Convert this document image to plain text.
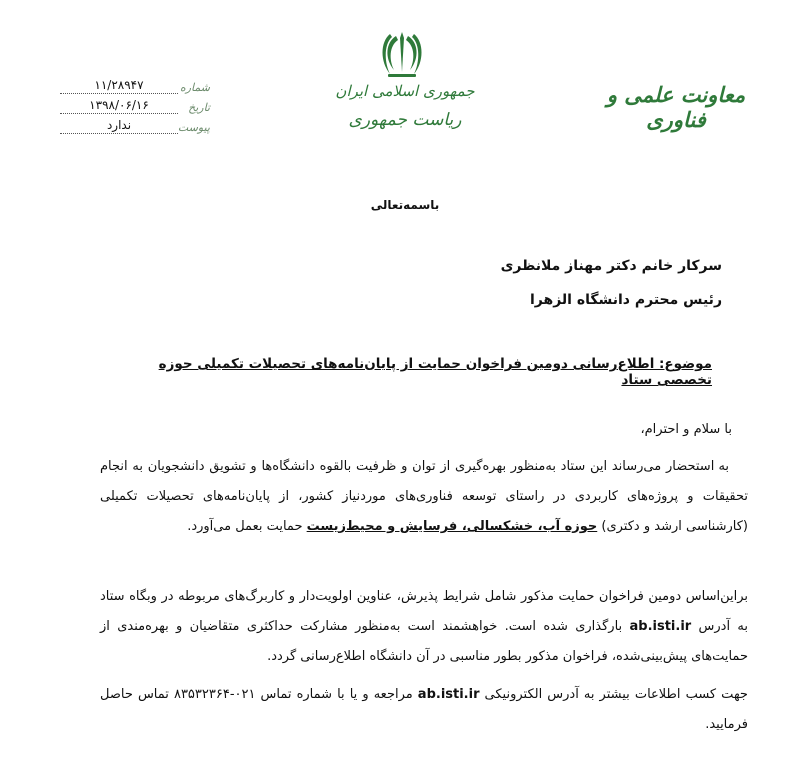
شماره
۱۱/۲۸۹۴۷
تاریخ
۱۳۹۸/۰۶/۱۶
پیوست
ندارد
جمهوری اسلامی ایران
ریاست جمهوری
معاونت علمی و فناوری
باسمه‌تعالی
سرکار خانم دکتر مهناز ملانظری
رئیس محترم دانشگاه الزهرا
موضوع: اطلاع‌رسانی دومین فراخوان حمایت از پایان‌نامه‌های تحصیلات تکمیلی حوزه تخصصی ستاد
با سلام و احترام،
به استحضار می‌رساند این ستاد به‌منظور بهره‌گیری از توان و ظرفیت بالقوه دانشگاه‌ها و تشویق دانشجویان به انجام تحقیقات و پروژه‌های کاربردی در راستای توسعه فناوری‌های موردنیاز کشور، از پایان‌نامه‌های تحصیلات تکمیلی (کارشناسی ارشد و دکتری) حوزه آب، خشکسالی، فرسایش و محیط‌زیست حمایت بعمل می‌آورد.
براین‌اساس دومین فراخوان حمایت مذکور شامل شرایط پذیرش، عناوین اولویت‌دار و کاربرگ‌های مربوطه در وبگاه ستاد به آدرس ab.isti.ir بارگذاری شده است. خواهشمند است به‌منظور مشارکت حداکثری متقاضیان و بهره‌مندی از حمایت‌های پیش‌بینی‌شده، فراخوان مذکور بطور مناسبی در آن دانشگاه اطلاع‌رسانی گردد.
جهت کسب اطلاعات بیشتر به آدرس الکترونیکی ab.isti.ir مراجعه و یا با شماره تماس ۰۲۱-۸۳۵۳۲۳۶۴ تماس حاصل فرمایید.
